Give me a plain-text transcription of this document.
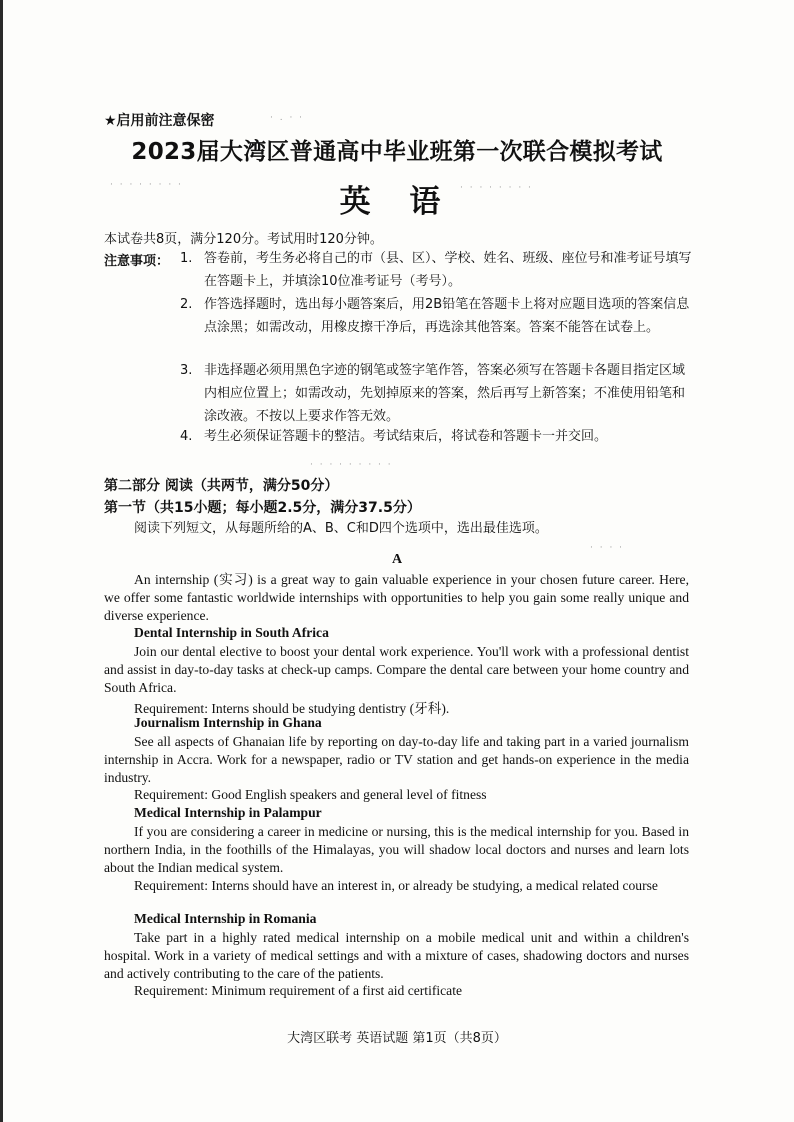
· . · ·
· · · · · · · ·	· · · · · · · ·
· · · · · · · · ·
· · · ·
★启用前注意保密
2023届大湾区普通高中毕业班第一次联合模拟考试
英 语
本试卷共8页，满分120分。考试用时120分钟。
注意事项： 1. 答卷前，考生务必将自己的市（县、区）、学校、姓名、班级、座位号和准考证号填写在答题卡上，并填涂10位准考证号（考号）。
2. 作答选择题时，选出每小题答案后，用2B铅笔在答题卡上将对应题目选项的答案信息点涂黑；如需改动，用橡皮擦干净后，再选涂其他答案。答案不能答在试卷上。
3. 非选择题必须用黑色字迹的钢笔或签字笔作答，答案必须写在答题卡各题目指定区域内相应位置上；如需改动，先划掉原来的答案，然后再写上新答案；不准使用铅笔和涂改液。不按以上要求作答无效。
4. 考生必须保证答题卡的整洁。考试结束后，将试卷和答题卡一并交回。
第二部分 阅读（共两节，满分50分）
第一节（共15小题；每小题2.5分，满分37.5分）
阅读下列短文，从每题所给的A、B、C和D四个选项中，选出最佳选项。
A
An internship (实习) is a great way to gain valuable experience in your chosen future career. Here, we offer some fantastic worldwide internships with opportunities to help you gain some really unique and diverse experience.
Dental Internship in South Africa
Join our dental elective to boost your dental work experience. You'll work with a professional dentist and assist in day-to-day tasks at check-up camps. Compare the dental care between your home country and South Africa.
Requirement: Interns should be studying dentistry (牙科).
Journalism Internship in Ghana
See all aspects of Ghanaian life by reporting on day-to-day life and taking part in a varied journalism internship in Accra. Work for a newspaper, radio or TV station and get hands-on experience in the media industry.
Requirement: Good English speakers and general level of fitness
Medical Internship in Palampur
If you are considering a career in medicine or nursing, this is the medical internship for you. Based in northern India, in the foothills of the Himalayas, you will shadow local doctors and nurses and learn lots about the Indian medical system.
Requirement: Interns should have an interest in, or already be studying, a medical related course
Medical Internship in Romania
Take part in a highly rated medical internship on a mobile medical unit and within a children's hospital. Work in a variety of medical settings and with a mixture of cases, shadowing doctors and nurses and actively contributing to the care of the patients.
Requirement: Minimum requirement of a first aid certificate
大湾区联考 英语试题 第1页（共8页）
